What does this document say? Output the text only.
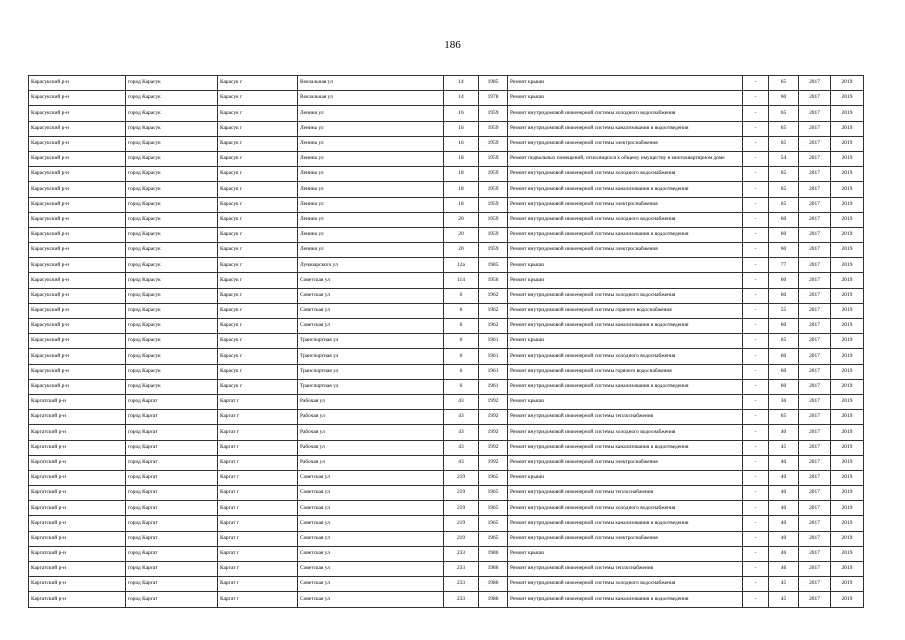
186
Карасукский р-н	город Карасук	Карасук г	Вокзальная ул	14	1985	Ремонт крыши	-	65	2017	2019
Карасукский р-н	город Карасук	Карасук г	Вокзальная ул	14	1978	Ремонт крыши	-	60	2017	2019
Карасукский р-н	город Карасук	Карасук г	Ленина ул	16	1959	Ремонт внутридомовой инженерной системы холодного водоснабжения	-	65	2017	2019
Карасукский р-н	город Карасук	Карасук г	Ленина ул	16	1959	Ремонт внутридомовой инженерной системы канализования и водоотведения	-	65	2017	2019
Карасукский р-н	город Карасук	Карасук г	Ленина ул	16	1959	Ремонт внутридомовой инженерной системы электроснабжения	-	65	2017	2019
Карасукский р-н	город Карасук	Карасук г	Ленина ул	18	1959	Ремонт подвальных помещений, относящихся к общему имуществу в многоквартирном доме	-	54	2017	2019
Карасукский р-н	город Карасук	Карасук г	Ленина ул	18	1959	Ремонт внутридомовой инженерной системы холодного водоснабжения	-	65	2017	2019
Карасукский р-н	город Карасук	Карасук г	Ленина ул	18	1959	Ремонт внутридомовой инженерной системы канализования и водоотведения	-	65	2017	2019
Карасукский р-н	город Карасук	Карасук г	Ленина ул	18	1959	Ремонт внутридомовой инженерной системы электроснабжения	-	65	2017	2019
Карасукский р-н	город Карасук	Карасук г	Ленина ул	20	1959	Ремонт внутридомовой инженерной системы холодного водоснабжения	-	60	2017	2019
Карасукский р-н	город Карасук	Карасук г	Ленина ул	20	1959	Ремонт внутридомовой инженерной системы канализования и водоотведения	-	60	2017	2019
Карасукский р-н	город Карасук	Карасук г	Ленина ул	20	1959	Ремонт внутридомовой инженерной системы электроснабжения	-	60	2017	2019
Карасукский р-н	город Карасук	Карасук г	Луначарского ул	12а	1985	Ремонт крыши	-	77	2017	2019
Карасукский р-н	город Карасук	Карасук г	Советская ул	114	1956	Ремонт крыши	-	60	2017	2019
Карасукский р-н	город Карасук	Карасук г	Советская ул	6	1962	Ремонт внутридомовой инженерной системы холодного водоснабжения	-	60	2017	2019
Карасукский р-н	город Карасук	Карасук г	Советская ул	6	1962	Ремонт внутридомовой инженерной системы горячего водоснабжения	-	55	2017	2019
Карасукский р-н	город Карасук	Карасук г	Советская ул	6	1962	Ремонт внутридомовой инженерной системы канализования и водоотведения	-	60	2017	2019
Карасукский р-н	город Карасук	Карасук г	Транспортная ул	6	1961	Ремонт крыши	-	65	2017	2019
Карасукский р-н	город Карасук	Карасук г	Транспортная ул	6	1961	Ремонт внутридомовой инженерной системы холодного водоснабжения	-	60	2017	2019
Карасукский р-н	город Карасук	Карасук г	Транспортная ул	6	1961	Ремонт внутридомовой инженерной системы горячего водоснабжения	-	60	2017	2019
Карасукский р-н	город Карасук	Карасук г	Транспортная ул	6	1961	Ремонт внутридомовой инженерной системы канализования и водоотведения	-	60	2017	2019
Каргатский р-н	город Каргат	Каргат г	Рабочая ул	43	1992	Ремонт крыши	-	36	2017	2019
Каргатский р-н	город Каргат	Каргат г	Рабочая ул	43	1992	Ремонт внутридомовой инженерной системы теплоснабжения	-	65	2017	2019
Каргатский р-н	город Каргат	Каргат г	Рабочая ул	43	1992	Ремонт внутридомовой инженерной системы холодного водоснабжения	-	40	2017	2019
Каргатский р-н	город Каргат	Каргат г	Рабочая ул	43	1992	Ремонт внутридомовой инженерной системы канализования и водоотведения	-	45	2017	2019
Каргатский р-н	город Каргат	Каргат г	Рабочая ул	43	1992	Ремонт внутридомовой инженерной системы электроснабжения	-	40	2017	2019
Каргатский р-н	город Каргат	Каргат г	Советская ул	219	1965	Ремонт крыши	-	40	2017	2019
Каргатский р-н	город Каргат	Каргат г	Советская ул	219	1965	Ремонт внутридомовой инженерной системы теплоснабжения	-	40	2017	2019
Каргатский р-н	город Каргат	Каргат г	Советская ул	219	1965	Ремонт внутридомовой инженерной системы холодного водоснабжения	-	40	2017	2019
Каргатский р-н	город Каргат	Каргат г	Советская ул	219	1965	Ремонт внутридомовой инженерной системы канализования и водоотведения	-	40	2017	2019
Каргатский р-н	город Каргат	Каргат г	Советская ул	219	1965	Ремонт внутридомовой инженерной системы электроснабжения	-	40	2017	2019
Каргатский р-н	город Каргат	Каргат г	Советская ул	233	1986	Ремонт крыши	-	46	2017	2019
Каргатский р-н	город Каргат	Каргат г	Советская ул	233	1986	Ремонт внутридомовой инженерной системы теплоснабжения	-	46	2017	2019
Каргатский р-н	город Каргат	Каргат г	Советская ул	233	1986	Ремонт внутридомовой инженерной системы холодного водоснабжения	-	45	2017	2019
Каргатский р-н	город Каргат	Каргат г	Советская ул	233	1986	Ремонт внутридомовой инженерной системы канализования и водоотведения	-	45	2017	2019
